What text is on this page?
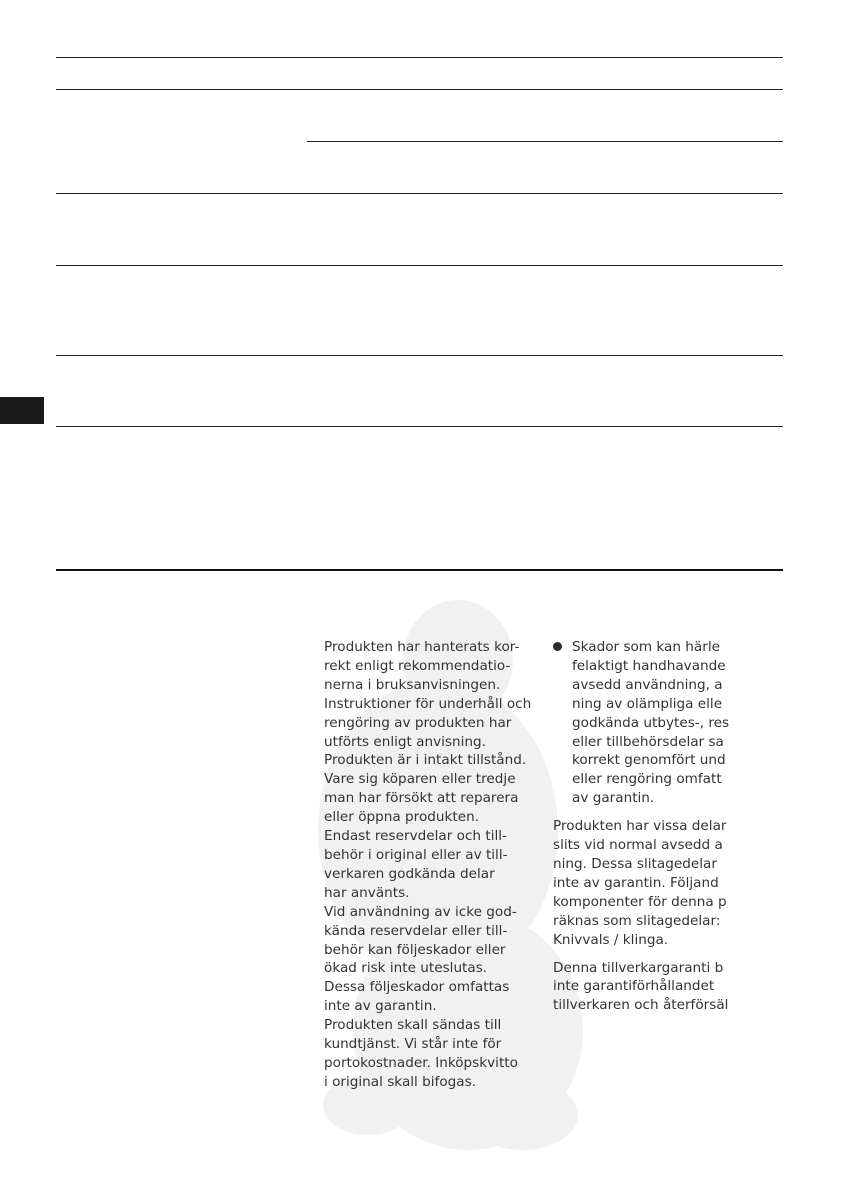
Produkten har hanterats kor-

rekt enligt rekommendatio-

nerna i bruksanvisningen.

Instruktioner för underhåll och

rengöring av produkten har

utförts enligt anvisning.

Produkten är i intakt tillstånd.

Vare sig köparen eller tredje

man har försökt att reparera

eller öppna produkten.

Endast reservdelar och till-

behör i original eller av till-

verkaren godkända delar

har använts.

Vid användning av icke god-

kända reservdelar eller till-

behör kan följeskador eller

ökad risk inte uteslutas.

Dessa följeskador omfattas

inte av garantin.

Produkten skall sändas till

kundtjänst. Vi står inte för

portokostnader. Inköpskvitto

i original skall bifogas.

Skador som kan härle

felaktigt handhavande

avsedd användning, a

ning av olämpliga elle

godkända utbytes-, res

eller tillbehörsdelar sa

korrekt genomfört und

eller rengöring omfatt

av garantin.

Produkten har vissa delar

slits vid normal avsedd a

ning. Dessa slitagedelar

inte av garantin. Följand

komponenter för denna p

räknas som slitagedelar:

Knivvals / klinga.

Denna tillverkargaranti b

inte garantiförhållandet

tillverkaren och återförsäl
